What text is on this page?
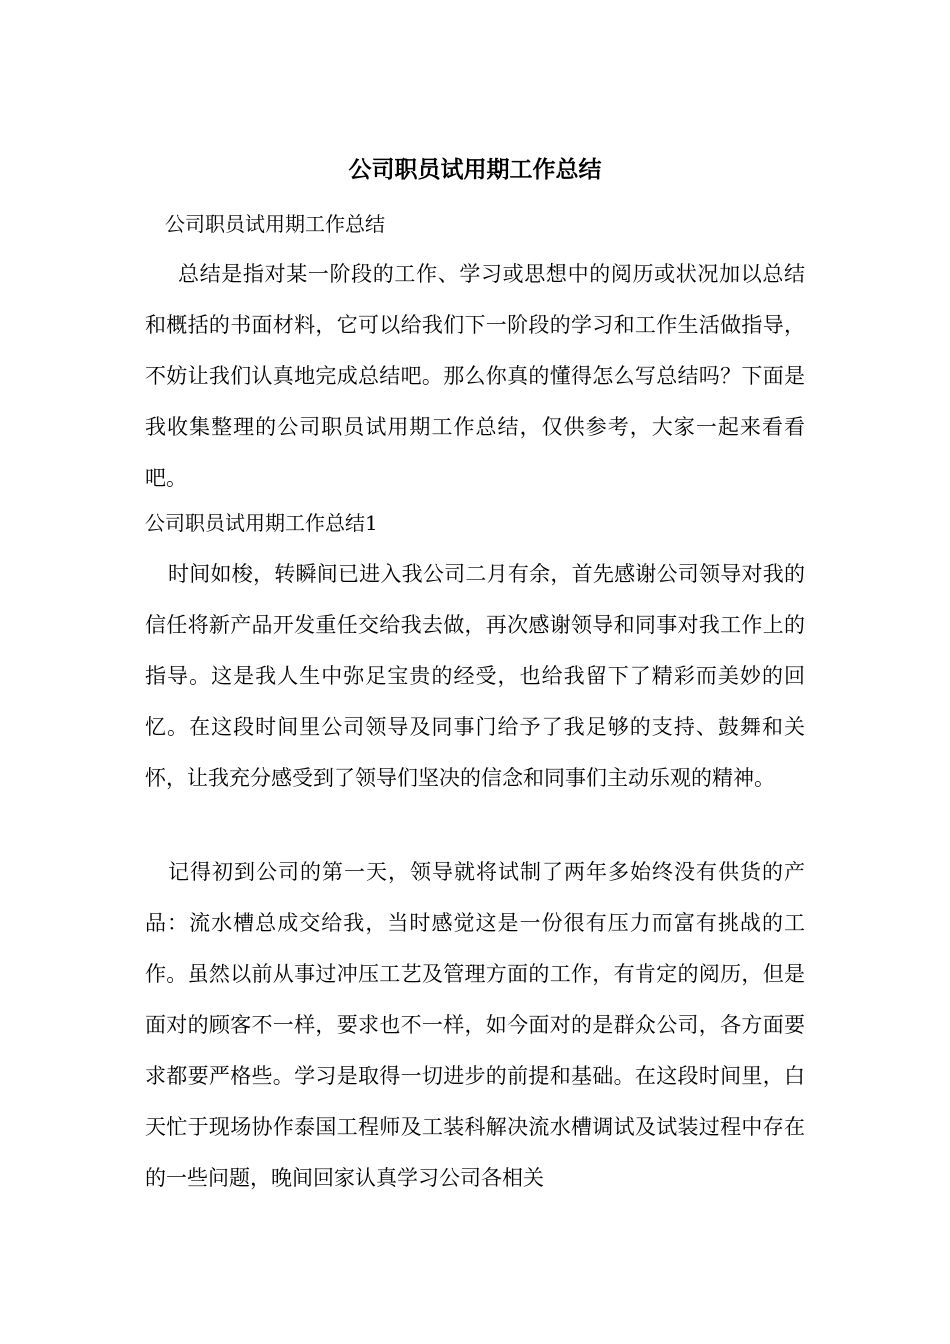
公司职员试用期工作总结

公司职员试用期工作总结

总结是指对某一阶段的工作、学习或思想中的阅历或状况加以总结和概括的书面材料，它可以给我们下一阶段的学习和工作生活做指导，不妨让我们认真地完成总结吧。那么你真的懂得怎么写总结吗？下面是我收集整理的公司职员试用期工作总结，仅供参考，大家一起来看看吧。

公司职员试用期工作总结1

时间如梭，转瞬间已进入我公司二月有余，首先感谢公司领导对我的信任将新产品开发重任交给我去做，再次感谢领导和同事对我工作上的指导。这是我人生中弥足宝贵的经受，也给我留下了精彩而美妙的回忆。在这段时间里公司领导及同事门给予了我足够的支持、鼓舞和关怀，让我充分感受到了领导们坚决的信念和同事们主动乐观的精神。

记得初到公司的第一天，领导就将试制了两年多始终没有供货的产品：流水槽总成交给我，当时感觉这是一份很有压力而富有挑战的工作。虽然以前从事过冲压工艺及管理方面的工作，有肯定的阅历，但是面对的顾客不一样，要求也不一样，如今面对的是群众公司，各方面要求都要严格些。学习是取得一切进步的前提和基础。在这段时间里，白天忙于现场协作泰国工程师及工装科解决流水槽调试及试装过程中存在的一些问题，晚间回家认真学习公司各相关
